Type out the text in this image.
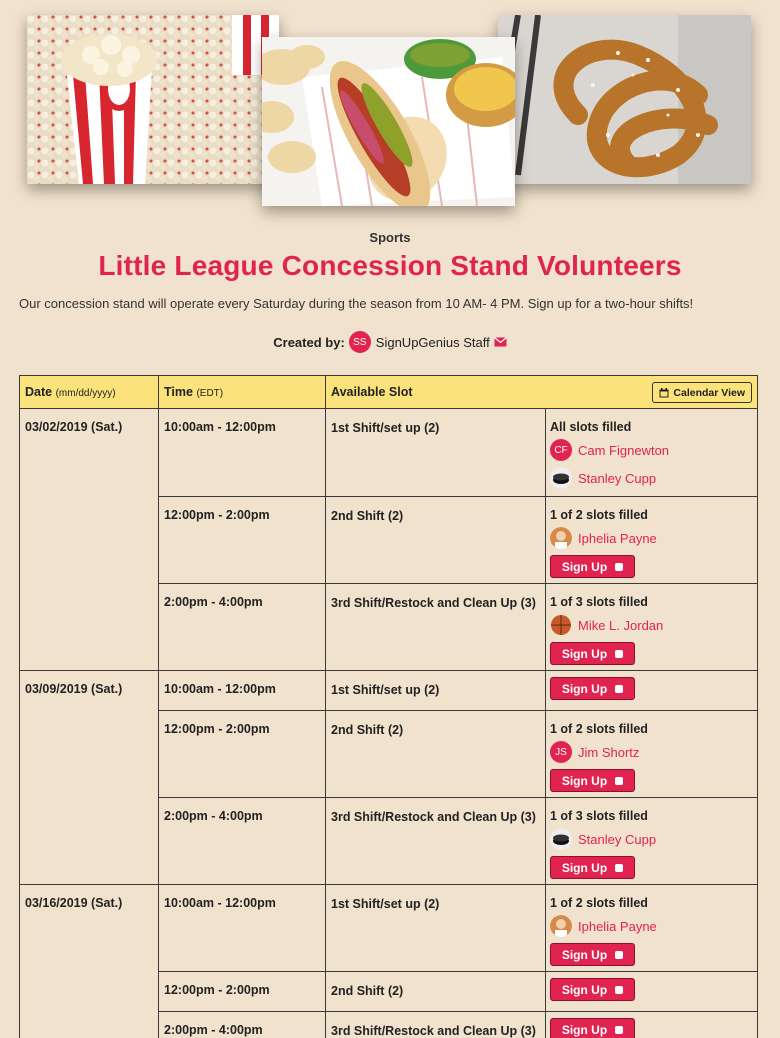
Sports
Little League Concession Stand Volunteers
Our concession stand will operate every Saturday during the season from 10 AM- 4 PM. Sign up for a two-hour shifts!
Created by: SS SignUpGenius Staff
Date (mm/dd/yyyy)	Time (EDT)	Available Slot Calendar View	

03/02/2019 (Sat.)	10:00am - 12:00pm	1st Shift/set up (2)	All slots filled
CF Cam Fignewton
Stanley Cupp

	12:00pm - 2:00pm	2nd Shift (2)	1 of 2 slots filled
Iphelia Payne
Sign Up

	2:00pm - 4:00pm	3rd Shift/Restock and Clean Up (3)	1 of 3 slots filled
Mike L. Jordan
Sign Up

03/09/2019 (Sat.)	10:00am - 12:00pm	1st Shift/set up (2)	Sign Up

	12:00pm - 2:00pm	2nd Shift (2)	1 of 2 slots filled
JS Jim Shortz
Sign Up

	2:00pm - 4:00pm	3rd Shift/Restock and Clean Up (3)	1 of 3 slots filled
Stanley Cupp
Sign Up

03/16/2019 (Sat.)	10:00am - 12:00pm	1st Shift/set up (2)	1 of 2 slots filled
Iphelia Payne
Sign Up

	12:00pm - 2:00pm	2nd Shift (2)	Sign Up

	2:00pm - 4:00pm	3rd Shift/Restock and Clean Up (3)	Sign Up
